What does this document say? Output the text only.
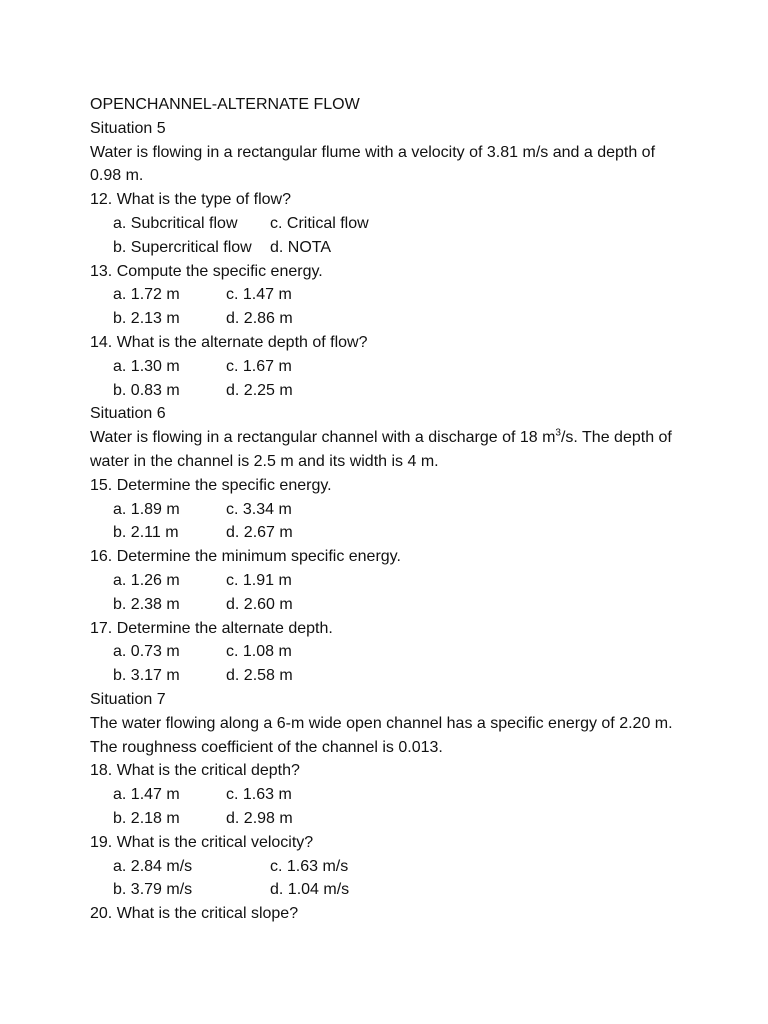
OPENCHANNEL-ALTERNATE FLOW
Situation 5
Water is flowing in a rectangular flume with a velocity of 3.81 m/s and a depth of 0.98 m.
12. What is the type of flow?
a. Subcritical flow	c. Critical flow
b. Supercritical flow	d. NOTA
13. Compute the specific energy.
a. 1.72 m	c. 1.47 m
b. 2.13 m	d. 2.86 m
14. What is the alternate depth of flow?
a. 1.30 m	c. 1.67 m
b. 0.83 m	d. 2.25 m
Situation 6
Water is flowing in a rectangular channel with a discharge of 18 $m^3/s$. The depth of water in the channel is 2.5 m and its width is 4 m.
15. Determine the specific energy.
a. 1.89 m	c. 3.34 m
b. 2.11 m	d. 2.67 m
16. Determine the minimum specific energy.
a. 1.26 m	c. 1.91 m
b. 2.38 m	d. 2.60 m
17. Determine the alternate depth.
a. 0.73 m	c. 1.08 m
b. 3.17 m	d. 2.58 m
Situation 7
The water flowing along a 6-m wide open channel has a specific energy of 2.20 m. The roughness coefficient of the channel is 0.013.
18. What is the critical depth?
a. 1.47 m	c. 1.63 m
b. 2.18 m	d. 2.98 m
19. What is the critical velocity?
a. 2.84 m/s	c. 1.63 m/s
b. 3.79 m/s	d. 1.04 m/s
20. What is the critical slope?
